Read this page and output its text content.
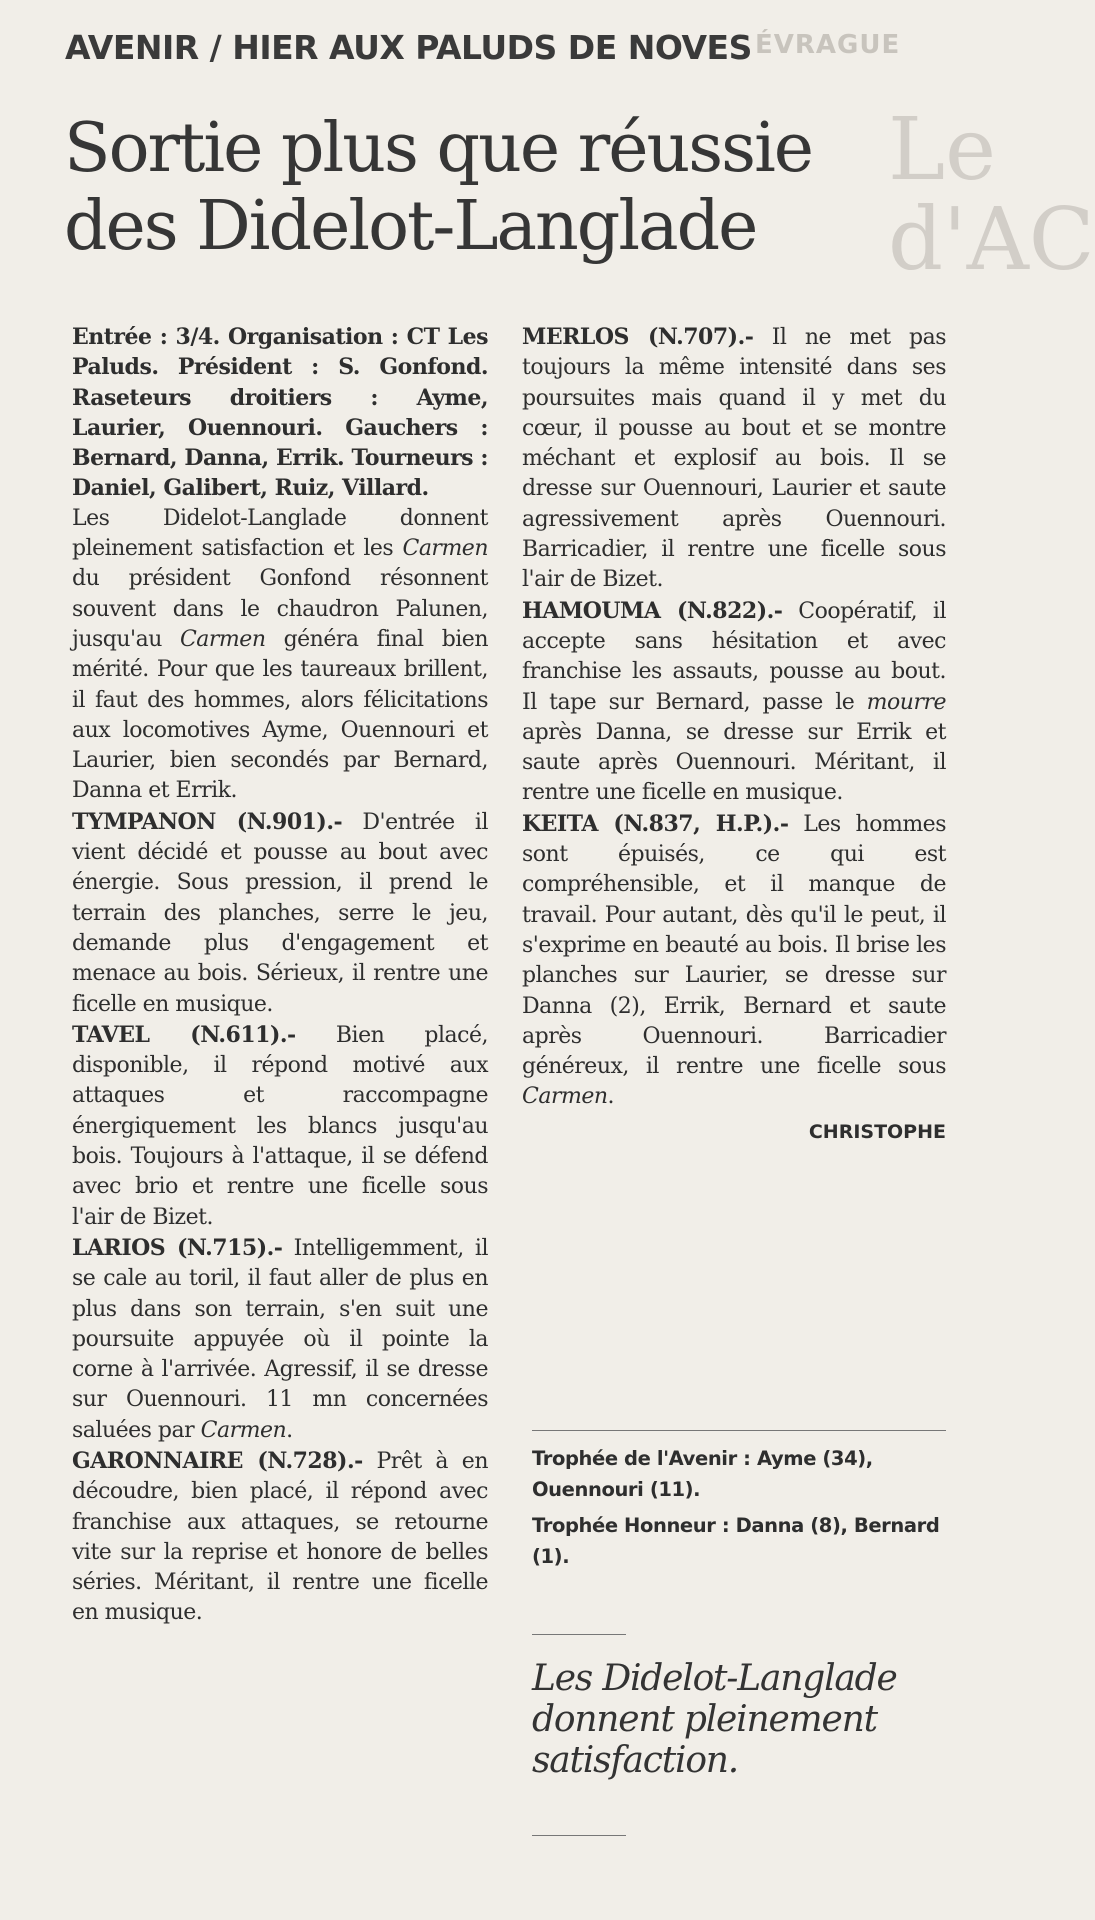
ÉVRAGUE
Le
d'AC
AVENIR / HIER AUX PALUDS DE NOVES
Sortie plus que réussie des Didelot-Langlade

Entrée : 3/4. Organisation : CT Les Paluds. Président : S. Gonfond. Raseteurs droitiers : Ayme, Laurier, Ouennouri. Gauchers : Bernard, Danna, Errik. Tourneurs : Daniel, Galibert, Ruiz, Villard.

Les Didelot-Langlade donnent pleinement satisfaction et les Carmen du président Gonfond résonnent souvent dans le chaudron Palunen, jusqu'au Carmen généra final bien mérité. Pour que les taureaux brillent, il faut des hommes, alors félicitations aux locomotives Ayme, Ouennouri et Laurier, bien secondés par Bernard, Danna et Errik.

TYMPANON (N.901).- D'entrée il vient décidé et pousse au bout avec énergie. Sous pression, il prend le terrain des planches, serre le jeu, demande plus d'engagement et menace au bois. Sérieux, il rentre une ficelle en musique.

TAVEL (N.611).- Bien placé, disponible, il répond motivé aux attaques et raccompagne énergiquement les blancs jusqu'au bois. Toujours à l'attaque, il se défend avec brio et rentre une ficelle sous l'air de Bizet.

LARIOS (N.715).- Intelligemment, il se cale au toril, il faut aller de plus en plus dans son terrain, s'en suit une poursuite appuyée où il pointe la corne à l'arrivée. Agressif, il se dresse sur Ouennouri. 11 mn concernées saluées par Carmen.

GARONNAIRE (N.728).- Prêt à en découdre, bien placé, il répond avec franchise aux attaques, se retourne vite sur la reprise et honore de belles séries. Méritant, il rentre une ficelle en musique.

MERLOS (N.707).- Il ne met pas toujours la même intensité dans ses poursuites mais quand il y met du cœur, il pousse au bout et se montre méchant et explosif au bois. Il se dresse sur Ouennouri, Laurier et saute agressivement après Ouennouri. Barricadier, il rentre une ficelle sous l'air de Bizet.

HAMOUMA (N.822).- Coopératif, il accepte sans hésitation et avec franchise les assauts, pousse au bout. Il tape sur Bernard, passe le mourre après Danna, se dresse sur Errik et saute après Ouennouri. Méritant, il rentre une ficelle en musique.

KEITA (N.837, H.P.).- Les hommes sont épuisés, ce qui est compréhensible, et il manque de travail. Pour autant, dès qu'il le peut, il s'exprime en beauté au bois. Il brise les planches sur Laurier, se dresse sur Danna (2), Errik, Bernard et saute après Ouennouri. Barricadier généreux, il rentre une ficelle sous Carmen.

CHRISTOPHE

Trophée de l'Avenir : Ayme (34), Ouennouri (11).

Trophée Honneur : Danna (8), Bernard (1).

Les Didelot-Langlade donnent pleinement satisfaction.
